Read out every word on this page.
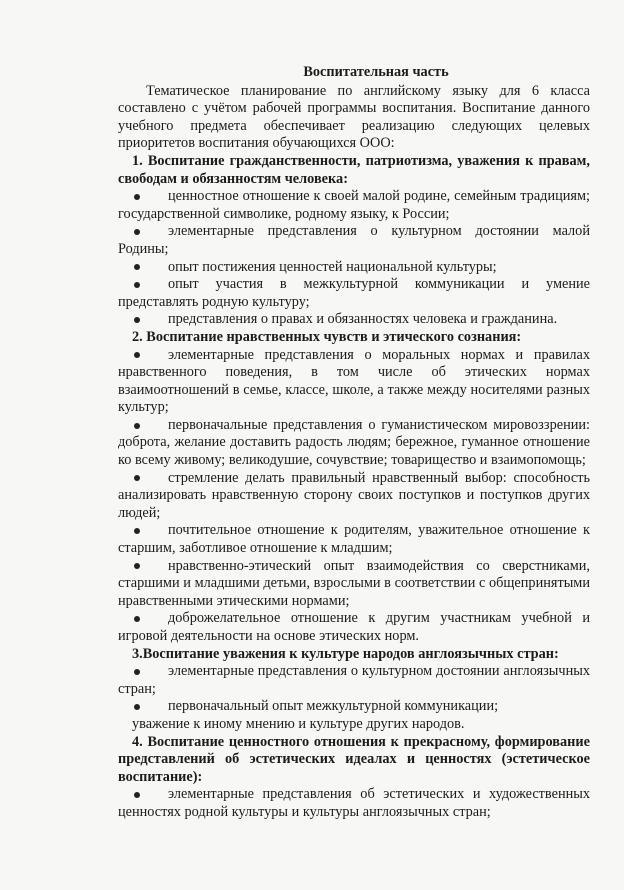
Воспитательная часть

Тематическое планирование по английскому языку для 6 класса составлено с учётом рабочей программы воспитания. Воспитание данного учебного предмета обеспечивает реализацию следующих целевых приоритетов воспитания обучающихся ООО:

1. Воспитание гражданственности, патриотизма, уважения к правам, свободам и обязанностям человека:

ценностное отношение к своей малой родине, семейным традициям; государственной символике, родному языку, к России;

элементарные представления о культурном достоянии малой Родины;

опыт постижения ценностей национальной культуры;

опыт участия в межкультурной коммуникации и умение представлять родную культуру;

представления о правах и обязанностях человека и гражданина.

2. Воспитание нравственных чувств и этического сознания:

элементарные представления о моральных нормах и правилах нравственного поведения, в том числе об этических нормах взаимоотношений в семье, классе, школе, а также между носителями разных культур;

первоначальные представления о гуманистическом мировоззрении: доброта, желание доставить радость людям; бережное, гуманное отношение ко всему живому; великодушие, сочувствие; товарищество и взаимопомощь;

стремление делать правильный нравственный выбор: способность анализировать нравственную сторону своих поступков и поступков других людей;

почтительное отношение к родителям, уважительное отношение к старшим, заботливое отношение к младшим;

нравственно-этический опыт взаимодействия со сверстниками, старшими и младшими детьми, взрослыми в соответствии с общепринятыми нравственными этическими нормами;

доброжелательное отношение к другим участникам учебной и игровой деятельности на основе этических норм.

3.Воспитание уважения к культуре народов англоязычных стран:

элементарные представления о культурном достоянии англоязычных стран;

первоначальный опыт межкультурной коммуникации;

уважение к иному мнению и культуре других народов.

4. Воспитание ценностного отношения к прекрасному, формирование представлений об эстетических идеалах и ценностях (эстетическое воспитание):

элементарные представления об эстетических и художественных ценностях родной культуры и культуры англоязычных стран;
